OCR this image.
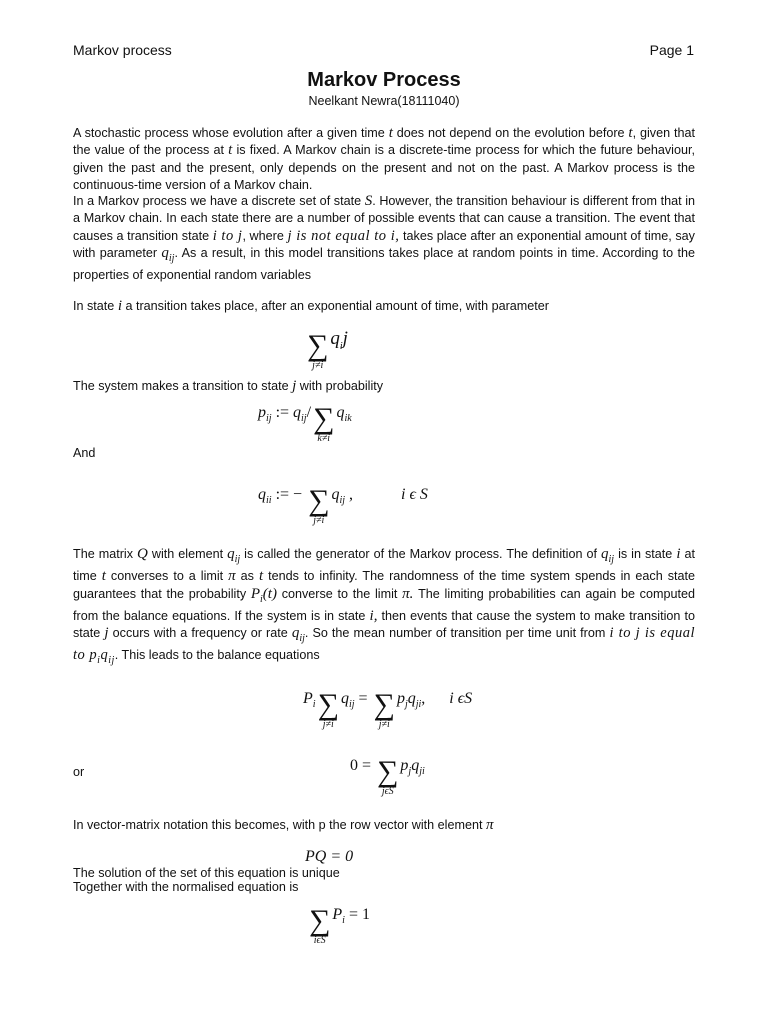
Markov process	Page 1
Markov Process
Neelkant Newra(18111040)
A stochastic process whose evolution after a given time t does not depend on the evolution before t, given that the value of the process at t is fixed. A Markov chain is a discrete-time process for which the future behaviour, given the past and the present, only depends on the present and not on the past. A Markov process is the continuous-time version of a Markov chain.
In a Markov process we have a discrete set of state S. However, the transition behaviour is different from that in a Markov chain. In each state there are a number of possible events that can cause a transition. The event that causes a transition state i to j, where j is not equal to i, takes place after an exponential amount of time, say with parameter $q_{ij}$. As a result, in this model transitions takes place at random points in time. According to the properties of exponential random variables
In state i a transition takes place, after an exponential amount of time, with parameter
∑
j≠i
$q_ij$
The system makes a transition to state j with probability
$p_{ij}$ := $q_{ij}/$ ∑
k≠i
$q_{ik}$
And
$q_{ii}$ := − ∑
j≠i
$q_{ij}$ ,	i ϵ S
The matrix Q with element $q_{ij}$ is called the generator of the Markov process. The definition of $q_{ij}$ is in state i at time t converses to a limit π as t tends to infinity. The randomness of the time system spends in each state guarantees that the probability $P_i(t)$ converse to the limit π. The limiting probabilities can again be computed from the balance equations. If the system is in state i, then events that cause the system to make transition to state j occurs with a frequency or rate $q_{ij}$. So the mean number of transition per time unit from i to j is equal to $p_iq_{ij}$. This leads to the balance equations
$P_i$ ∑
j≠i
$q_{ij}$ = ∑
j≠i
$p_jq_{ji}$, i ϵS
or	0 = ∑
jϵS
$p_jq_{ji}$
In vector-matrix notation this becomes, with p the row vector with element π
PQ = 0
The solution of the set of this equation is unique
Together with the normalised equation is
∑
iϵS
$P_i = 1$
